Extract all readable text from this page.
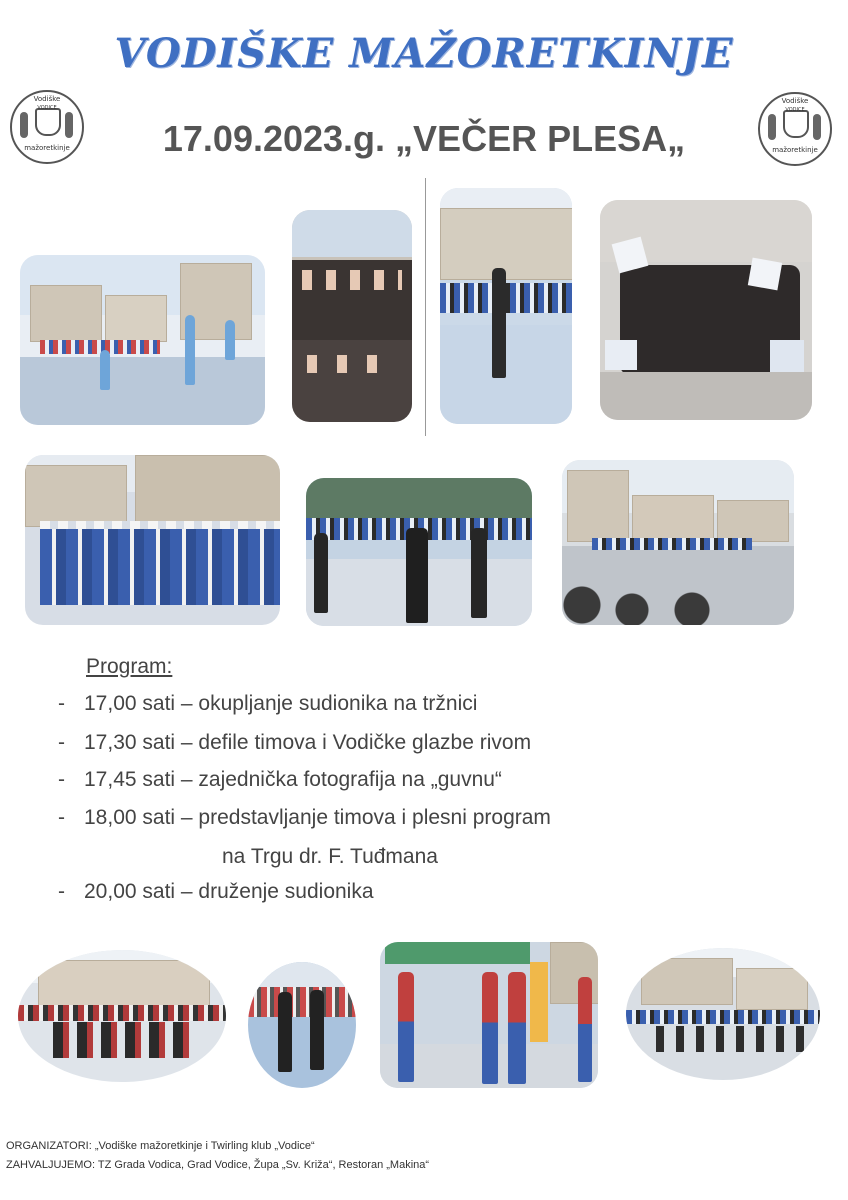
VODIŠKE MAŽORETKINJE
Vodiške
VODICE
mažoretkinje
Vodiške
VODICE
mažoretkinje
17.09.2023.g. „VEČER PLESA„
Program:
- 17,00 sati – okupljanje sudionika na tržnici
- 17,30 sati – defile timova i Vodičke glazbe rivom
- 17,45 sati – zajednička fotografija na „guvnu“
- 18,00 sati – predstavljanje timova i plesni program
na Trgu dr. F. Tuđmana
- 20,00 sati – druženje sudionika
ORGANIZATORI: „Vodiške mažoretkinje i Twirling klub „Vodice“
ZAHVALJUJEMO: TZ Grada Vodica, Grad Vodice, Župa „Sv. Križa“, Restoran „Makina“
